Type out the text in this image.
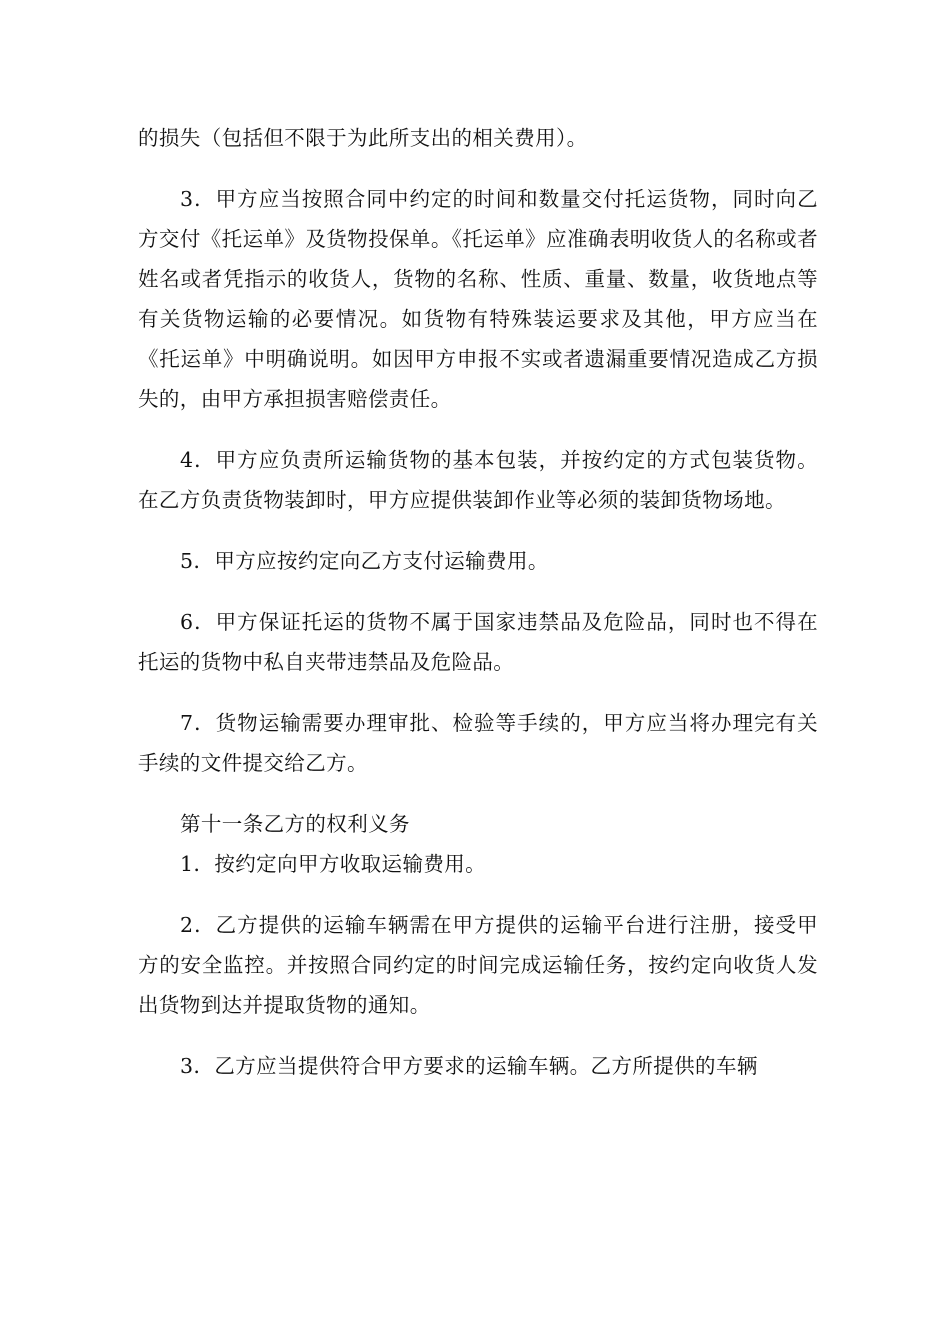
的损失（包括但不限于为此所支出的相关费用）。

3．甲方应当按照合同中约定的时间和数量交付托运货物，同时向乙方交付《托运单》及货物投保单。《托运单》应准确表明收货人的名称或者姓名或者凭指示的收货人，货物的名称、性质、重量、数量，收货地点等有关货物运输的必要情况。如货物有特殊装运要求及其他，甲方应当在《托运单》中明确说明。如因甲方申报不实或者遗漏重要情况造成乙方损失的，由甲方承担损害赔偿责任。

4．甲方应负责所运输货物的基本包装，并按约定的方式包装货物。在乙方负责货物装卸时，甲方应提供装卸作业等必须的装卸货物场地。

5．甲方应按约定向乙方支付运输费用。

6．甲方保证托运的货物不属于国家违禁品及危险品，同时也不得在托运的货物中私自夹带违禁品及危险品。

7．货物运输需要办理审批、检验等手续的，甲方应当将办理完有关手续的文件提交给乙方。

第十一条乙方的权利义务

1．按约定向甲方收取运输费用。

2．乙方提供的运输车辆需在甲方提供的运输平台进行注册，接受甲方的安全监控。并按照合同约定的时间完成运输任务，按约定向收货人发出货物到达并提取货物的通知。

3．乙方应当提供符合甲方要求的运输车辆。乙方所提供的车辆
